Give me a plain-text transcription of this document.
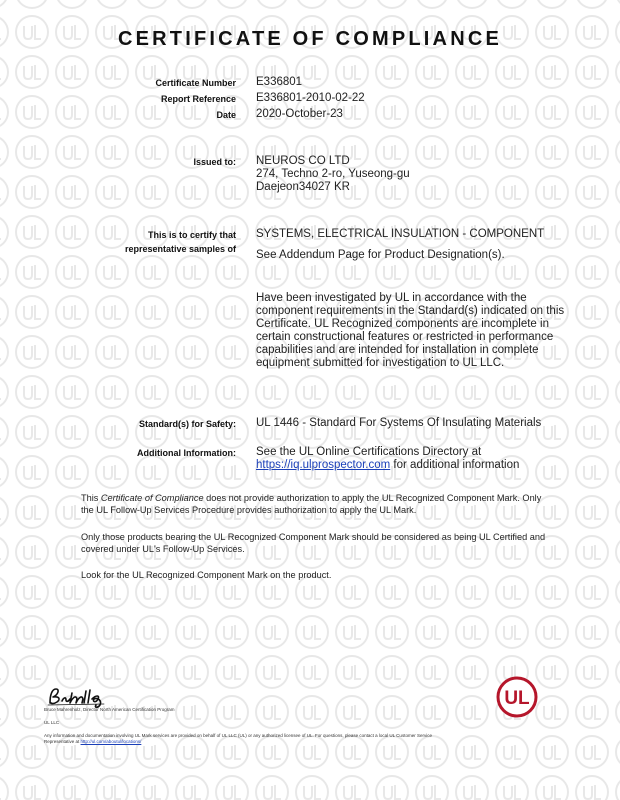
CERTIFICATE OF COMPLIANCE
Certificate Number E336801
Report Reference E336801-2010-02-22
Date 2020-October-23
Issued to: NEUROS CO LTD
274, Techno 2-ro, Yuseong-gu
Daejeon34027 KR
This is to certify that
representative samples of
SYSTEMS, ELECTRICAL INSULATION - COMPONENT
See Addendum Page for Product Designation(s).
Have been investigated by UL in accordance with the component requirements in the Standard(s) indicated on this Certificate. UL Recognized components are incomplete in certain constructional features or restricted in performance capabilities and are intended for installation in complete equipment submitted for investigation to UL LLC.
Standard(s) for Safety: UL 1446 - Standard For Systems Of Insulating Materials
Additional Information: See the UL Online Certifications Directory at
https://iq.ulprospector.com for additional information
This Certificate of Compliance does not provide authorization to apply the UL Recognized Component Mark. Only the UL Follow-Up Services Procedure provides authorization to apply the UL Mark.
Only those products bearing the UL Recognized Component Mark should be considered as being UL Certified and covered under UL's Follow-Up Services.
Look for the UL Recognized Component Mark on the product.
Bruce Mahrenholz, Director North American Certification Program
UL LLC
Any information and documentation involving UL Mark services are provided on behalf of UL LLC (UL) or any authorized licensee of UL. For questions, please contact a local UL Customer Service Representative at http://ul.com/aboutul/locations/
UL
